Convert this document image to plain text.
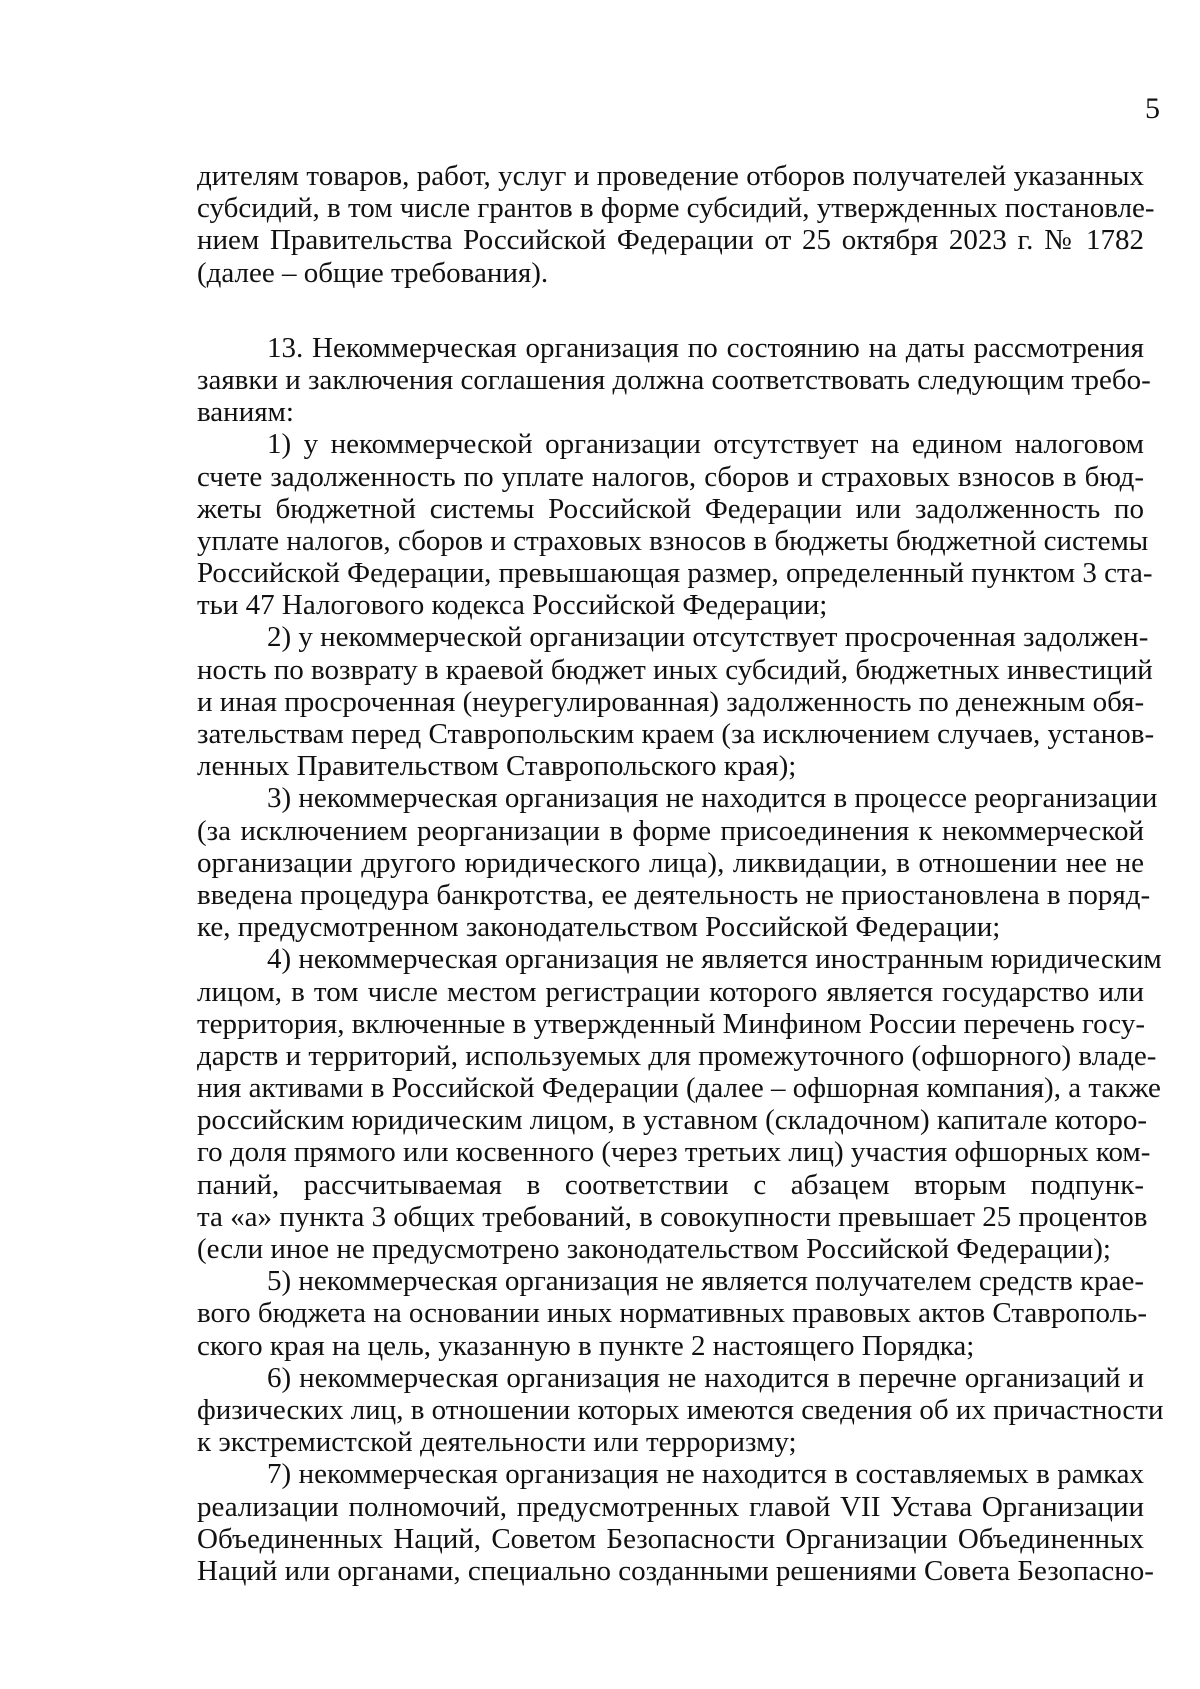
5
дителям товаров, работ, услуг и проведение отборов получателей указанных
субсидий, в том числе грантов в форме субсидий, утвержденных постановле-
нием Правительства Российской Федерации от 25 октября 2023 г. № 1782
(далее – общие требования).
13. Некоммерческая организация по состоянию на даты рассмотрения
заявки и заключения соглашения должна соответствовать следующим требо-
ваниям:
1) у некоммерческой организации отсутствует на едином налоговом
счете задолженность по уплате налогов, сборов и страховых взносов в бюд-
жеты бюджетной системы Российской Федерации или задолженность по
уплате налогов, сборов и страховых взносов в бюджеты бюджетной системы
Российской Федерации, превышающая размер, определенный пунктом 3 ста-
тьи 47 Налогового кодекса Российской Федерации;
2) у некоммерческой организации отсутствует просроченная задолжен-
ность по возврату в краевой бюджет иных субсидий, бюджетных инвестиций
и иная просроченная (неурегулированная) задолженность по денежным обя-
зательствам перед Ставропольским краем (за исключением случаев, установ-
ленных Правительством Ставропольского края);
3) некоммерческая организация не находится в процессе реорганизации
(за исключением реорганизации в форме присоединения к некоммерческой
организации другого юридического лица), ликвидации, в отношении нее не
введена процедура банкротства, ее деятельность не приостановлена в поряд-
ке, предусмотренном законодательством Российской Федерации;
4) некоммерческая организация не является иностранным юридическим
лицом, в том числе местом регистрации которого является государство или
территория, включенные в утвержденный Минфином России перечень госу-
дарств и территорий, используемых для промежуточного (офшорного) владе-
ния активами в Российской Федерации (далее – офшорная компания), а также
российским юридическим лицом, в уставном (складочном) капитале которо-
го доля прямого или косвенного (через третьих лиц) участия офшорных ком-
паний, рассчитываемая в соответствии с абзацем вторым подпунк-
та «а» пункта 3 общих требований, в совокупности превышает 25 процентов
(если иное не предусмотрено законодательством Российской Федерации);
5) некоммерческая организация не является получателем средств крае-
вого бюджета на основании иных нормативных правовых актов Ставрополь-
ского края на цель, указанную в пункте 2 настоящего Порядка;
6) некоммерческая организация не находится в перечне организаций и
физических лиц, в отношении которых имеются сведения об их причастности
к экстремистской деятельности или терроризму;
7) некоммерческая организация не находится в составляемых в рамках
реализации полномочий, предусмотренных главой VII Устава Организации
Объединенных Наций, Советом Безопасности Организации Объединенных
Наций или органами, специально созданными решениями Совета Безопасно-
